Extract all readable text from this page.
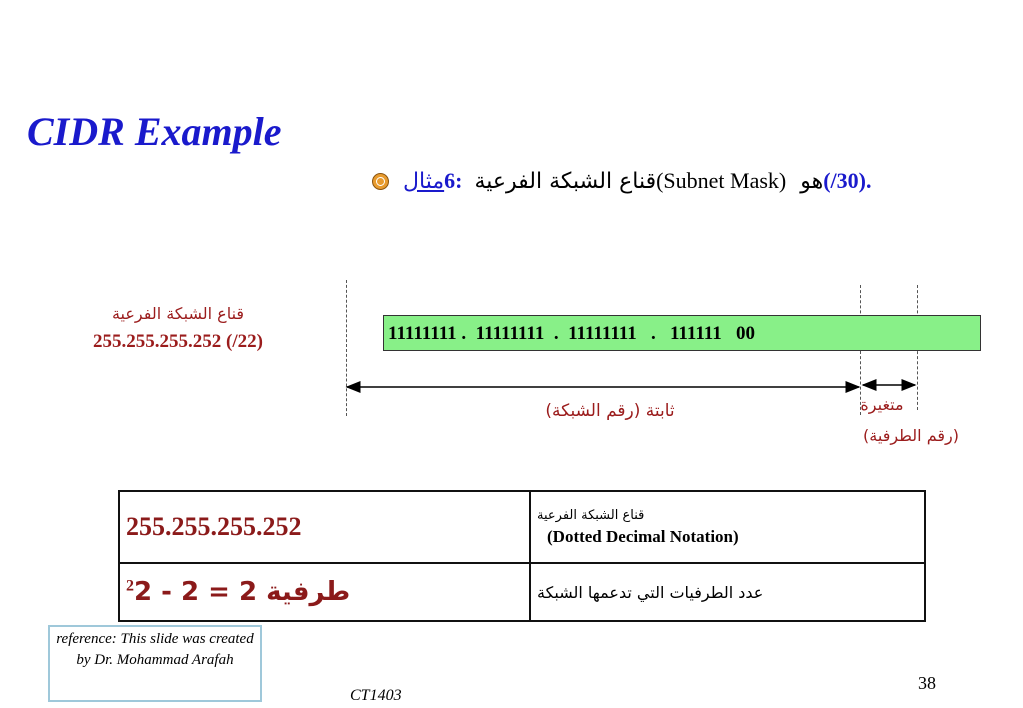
CIDR Example
مثال 6: قناع الشبكة الفرعية (Subnet Mask) هو (/30).
قناع الشبكة الفرعية
255.255.255.252 (/22)	11111111 .  11111111  .  11111111   .   111111   00
ثابتة (رقم الشبكة)	متغيرة
(رقم الطرفية)
255.255.255.252	قناع الشبكة الفرعية
(Dotted Decimal Notation)

$^2$طرفية 2 = 2 - 2	عدد الطرفيات التي تدعمها الشبكة
reference: This slide was created by Dr. Mohammad Arafah
CT1403
38
